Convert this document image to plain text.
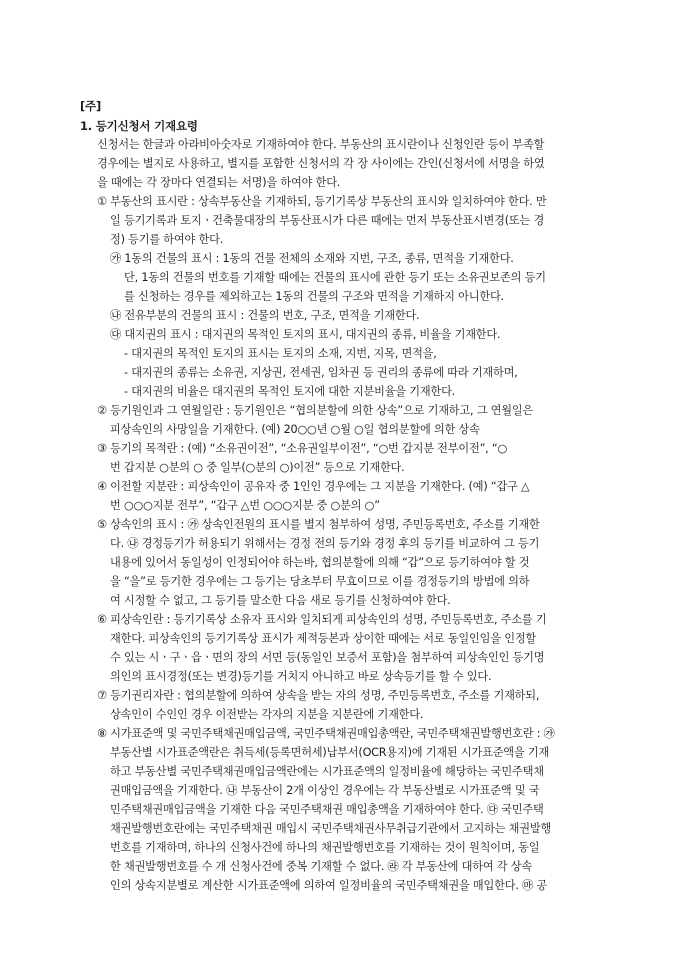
[주]
1. 등기신청서 기재요령
신청서는 한글과 아라비아숫자로 기재하여야 한다. 부동산의 표시란이나 신청인란 등이 부족할
경우에는 별지로 사용하고, 별지를 포함한 신청서의 각 장 사이에는 간인(신청서에 서명을 하였
을 때에는 각 장마다 연결되는 서명)을 하여야 한다.
① 부동산의 표시란 : 상속부동산을 기재하되, 등기기록상 부동산의 표시와 일치하여야 한다. 만
일 등기기록과 토지ㆍ건축물대장의 부동산표시가 다른 때에는 먼저 부동산표시변경(또는 경
정) 등기를 하여야 한다.
㉮ 1동의 건물의 표시 : 1동의 건물 전체의 소재와 지번, 구조, 종류, 면적을 기재한다.
단, 1동의 건물의 번호를 기재할 때에는 건물의 표시에 관한 등기 또는 소유권보존의 등기
를 신청하는 경우를 제외하고는 1동의 건물의 구조와 면적을 기재하지 아니한다.
㉯ 전유부분의 건물의 표시 : 건물의 번호, 구조, 면적을 기재한다.
㉰ 대지권의 표시 : 대지권의 목적인 토지의 표시, 대지권의 종류, 비율을 기재한다.
- 대지권의 목적인 토지의 표시는 토지의 소재, 지번, 지목, 면적을,
- 대지권의 종류는 소유권, 지상권, 전세권, 임차권 등 권리의 종류에 따라 기재하며,
- 대지권의 비율은 대지권의 목적인 토지에 대한 지분비율을 기재한다.
② 등기원인과 그 연월일란 : 등기원인은 “협의분할에 의한 상속”으로 기재하고, 그 연월일은
피상속인의 사망일을 기재한다. (예) 20○○년 ○월 ○일 협의분할에 의한 상속
③ 등기의 목적란 : (예) “소유권이전”, “소유권일부이전”, “○번 갑지분 전부이전”, “○
번 갑지분 ○분의 ○ 중 일부(○분의 ○)이전” 등으로 기재한다.
④ 이전할 지분란 : 피상속인이 공유자 중 1인인 경우에는 그 지분을 기재한다. (예) “갑구 △
번 ○○○지분 전부”, “갑구 △번 ○○○지분 중 ○분의 ○”
⑤ 상속인의 표시 : ㉮ 상속인전원의 표시를 별지 첨부하여 성명, 주민등록번호, 주소를 기재한
다. ㉯ 경정등기가 허용되기 위해서는 경정 전의 등기와 경정 후의 등기를 비교하여 그 등기
내용에 있어서 동일성이 인정되어야 하는바, 협의분할에 의해 “갑”으로 등기하여야 할 것
을 “을”로 등기한 경우에는 그 등기는 당초부터 무효이므로 이를 경정등기의 방법에 의하
여 시정할 수 없고, 그 등기를 말소한 다음 새로 등기를 신청하여야 한다.
⑥ 피상속인란 : 등기기록상 소유자 표시와 일치되게 피상속인의 성명, 주민등록번호, 주소를 기
재한다. 피상속인의 등기기록상 표시가 제적등본과 상이한 때에는 서로 동일인임을 인정할
수 있는 시ㆍ구ㆍ읍ㆍ면의 장의 서면 등(동일인 보증서 포함)을 첨부하여 피상속인인 등기명
의인의 표시경정(또는 변경)등기를 거치지 아니하고 바로 상속등기를 할 수 있다.
⑦ 등기권리자란 : 협의분할에 의하여 상속을 받는 자의 성명, 주민등록번호, 주소를 기재하되,
상속인이 수인인 경우 이전받는 각자의 지분을 지분란에 기재한다.
⑧ 시가표준액 및 국민주택채권매입금액, 국민주택채권매입총액란, 국민주택채권발행번호란 : ㉮
부동산별 시가표준액란은 취득세(등록면허세)납부서(OCR용지)에 기재된 시가표준액을 기재
하고 부동산별 국민주택채권매입금액란에는 시가표준액의 일정비율에 해당하는 국민주택채
권매입금액을 기재한다. ㉯ 부동산이 2개 이상인 경우에는 각 부동산별로 시가표준액 및 국
민주택채권매입금액을 기재한 다음 국민주택채권 매입총액을 기재하여야 한다. ㉰ 국민주택
채권발행번호란에는 국민주택채권 매입시 국민주택채권사무취급기관에서 고지하는 채권발행
번호를 기재하며, 하나의 신청사건에 하나의 채권발행번호를 기재하는 것이 원칙이며, 동일
한 채권발행번호를 수 개 신청사건에 중복 기재할 수 없다. ㉱ 각 부동산에 대하여 각 상속
인의 상속지분별로 계산한 시가표준액에 의하여 일정비율의 국민주택채권을 매입한다. ㉲ 공
